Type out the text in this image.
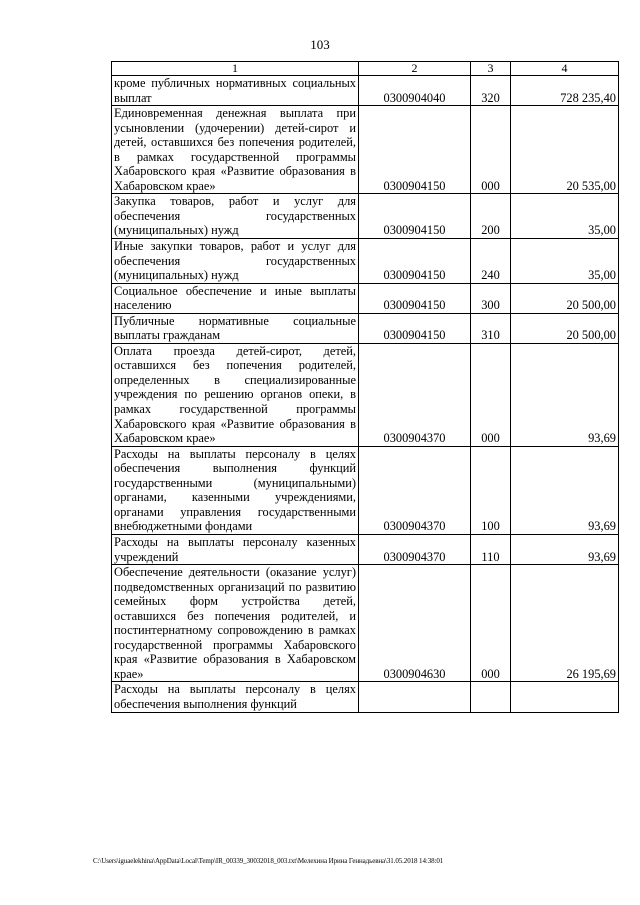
103
1	2	3	4
кроме публичных нормативных социальных выплат	0300904040	320	728 235,40
Единовременная денежная выплата при усыновлении (удочерении) детей-сирот и детей, оставшихся без попечения родителей, в рамках государственной программы Хабаровского края «Развитие образования в Хабаровском крае»	0300904150	000	20 535,00
Закупка товаров, работ и услуг для обеспечения государственных (муниципальных) нужд	0300904150	200	35,00
Иные закупки товаров, работ и услуг для обеспечения государственных (муниципальных) нужд	0300904150	240	35,00
Социальное обеспечение и иные выплаты населению	0300904150	300	20 500,00
Публичные нормативные социальные выплаты гражданам	0300904150	310	20 500,00
Оплата проезда детей-сирот, детей, оставшихся без попечения родителей, определенных в специализированные учреждения по решению органов опеки, в рамках государственной программы Хабаровского края «Развитие образования в Хабаровском крае»	0300904370	000	93,69
Расходы на выплаты персоналу в целях обеспечения выполнения функций государственными (муниципальными) органами, казенными учреждениями, органами управления государственными внебюджетными фондами	0300904370	100	93,69
Расходы на выплаты персоналу казенных учреждений	0300904370	110	93,69
Обеспечение деятельности (оказание услуг) подведомственных организаций по развитию семейных форм устройства детей, оставшихся без попечения родителей, и постинтернатному сопровождению в рамках государственной программы Хабаровского края «Развитие образования в Хабаровском крае»	0300904630	000	26 195,69
Расходы на выплаты персоналу в целях обеспечения выполнения функций			
C:\Users\iguaelekhina\AppData\Local\Temp\IR_00339_30032018_003.txt\Мелехина Ирина Геннадьевна\31.05.2018 14:38:01
